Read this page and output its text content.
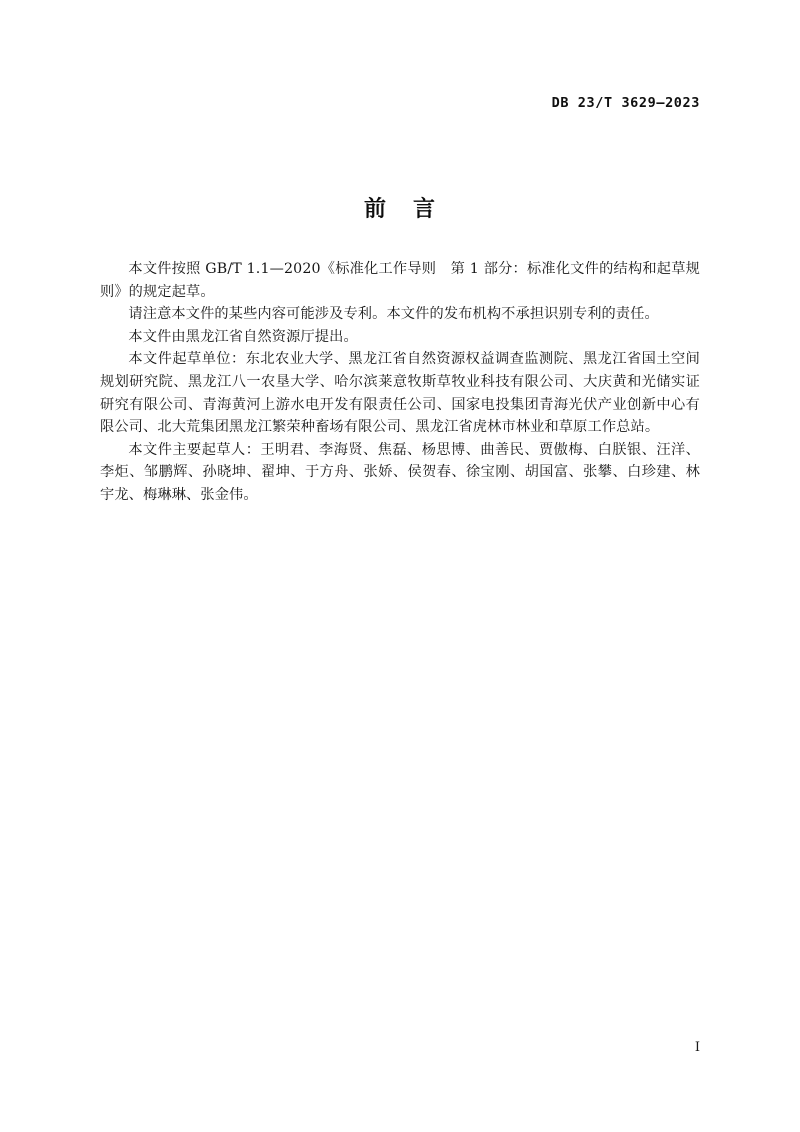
DB 23/T 3629—2023
前 言

本文件按照 GB/T 1.1—2020《标准化工作导则　第 1 部分：标准化文件的结构和起草规则》的规定起草。

请注意本文件的某些内容可能涉及专利。本文件的发布机构不承担识别专利的责任。

本文件由黑龙江省自然资源厅提出。

本文件起草单位：东北农业大学、黑龙江省自然资源权益调查监测院、黑龙江省国土空间规划研究院、黑龙江八一农垦大学、哈尔滨莱意牧斯草牧业科技有限公司、大庆黄和光储实证研究有限公司、青海黄河上游水电开发有限责任公司、国家电投集团青海光伏产业创新中心有限公司、北大荒集团黑龙江繁荣种畜场有限公司、黑龙江省虎林市林业和草原工作总站。

本文件主要起草人：王明君、李海贤、焦磊、杨思博、曲善民、贾傲梅、白朕银、汪洋、李炬、邹鹏辉、孙晓坤、翟坤、于方舟、张娇、侯贺春、徐宝刚、胡国富、张攀、白珍建、林宇龙、梅琳琳、张金伟。

I
